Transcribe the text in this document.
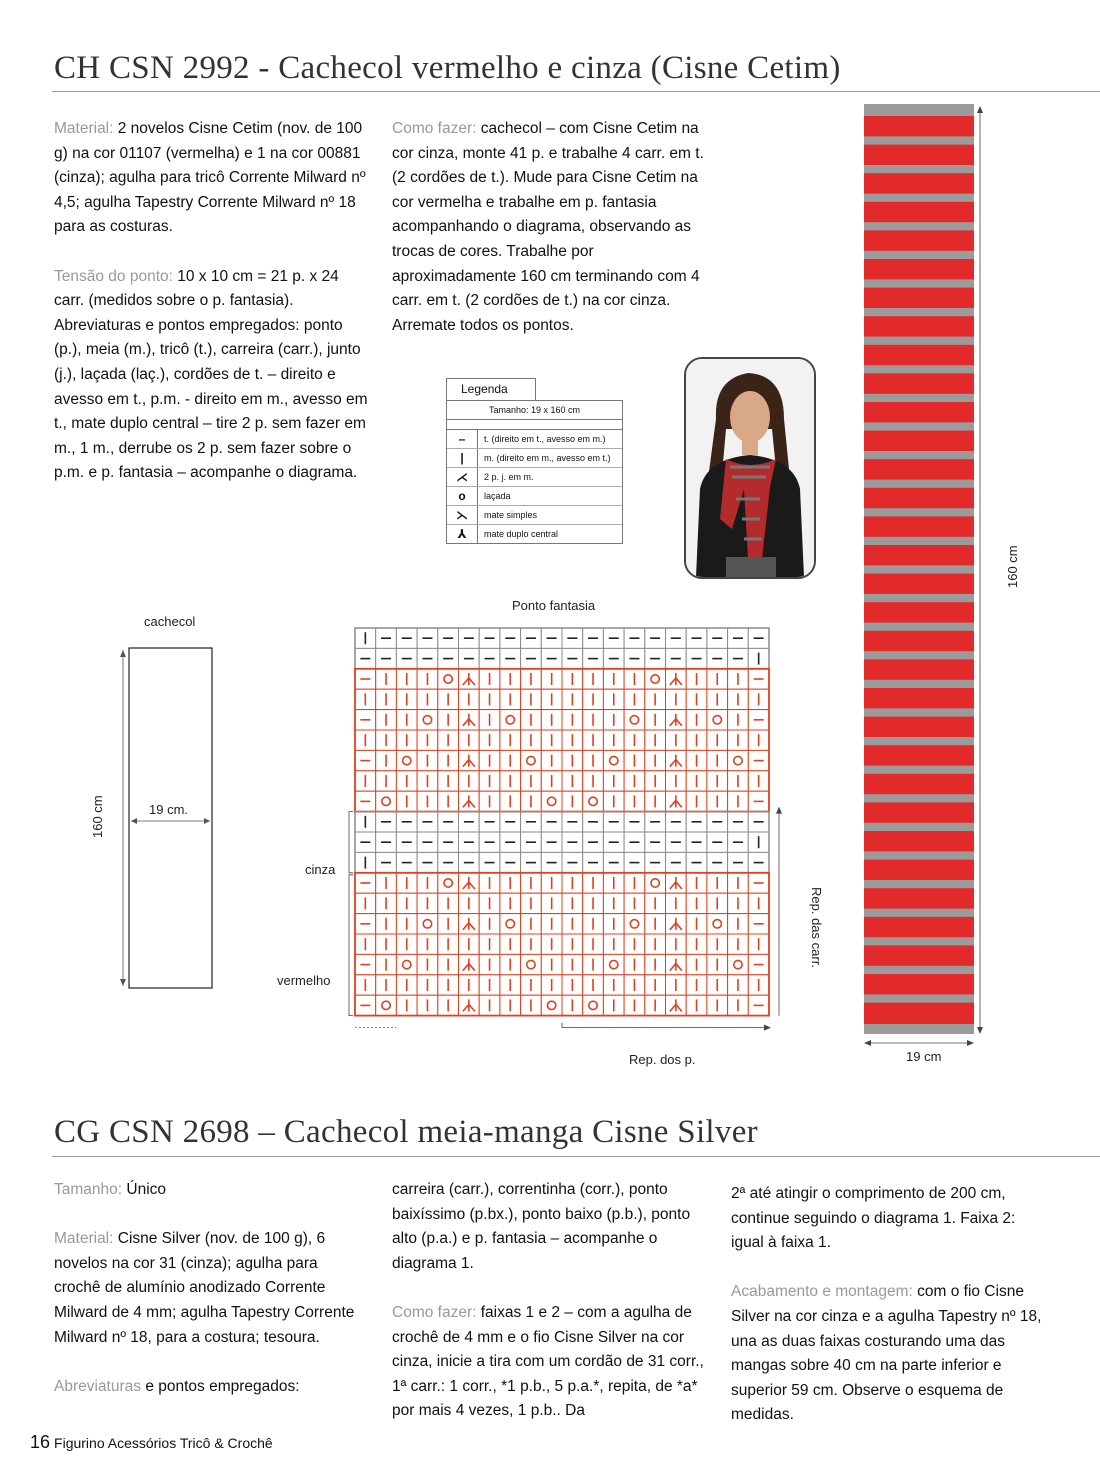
CH CSN 2992 - Cachecol vermelho e cinza (Cisne Cetim)

Material: 2 novelos Cisne Cetim (nov. de 100 g) na cor 01107 (vermelha) e 1 na cor 00881 (cinza); agulha para tricô Corrente Milward nº 4,5; agulha Tapestry Corrente Milward nº 18 para as costuras.

Tensão do ponto: 10 x 10 cm = 21 p. x 24 carr. (medidos sobre o p. fantasia). Abreviaturas e pontos empregados: ponto (p.), meia (m.), tricô (t.), carreira (carr.), junto (j.), laçada (laç.), cordões de t. – direito e avesso em t., p.m. - direito em m., avesso em t., mate duplo central – tire 2 p. sem fazer em m., 1 m., derrube os 2 p. sem fazer sobre o p.m. e p. fantasia – acompanhe o diagrama.

Como fazer: cachecol – com Cisne Cetim na cor cinza, monte 41 p. e trabalhe 4 carr. em t. (2 cordões de t.). Mude para Cisne Cetim na cor vermelha e trabalhe em p. fantasia acompanhando o diagrama, observando as trocas de cores. Trabalhe por aproximadamente 160 cm terminando com 4 carr. em t. (2 cordões de t.) na cor cinza. Arremate todos os pontos.

Legenda
Tamanho: 19 x 160 cm
–	t. (direito em t., avesso em m.)
|	m. (direito em m., avesso em t.)
⋌	2 p. j. em m.
o	laçada
⋋	mate simples
⅄	mate duplo central
cachecol
19 cm.
160 cm
Ponto fantasia
cinza
vermelho
Rep. das carr.
Rep. dos p.
160 cm
19 cm
CG CSN 2698 – Cachecol meia-manga Cisne Silver

Tamanho: Único

Material: Cisne Silver (nov. de 100 g), 6 novelos na cor 31 (cinza); agulha para crochê de alumínio anodizado Corrente Milward de 4 mm; agulha Tapestry Corrente Milward nº 18, para a costura; tesoura.

Abreviaturas e pontos empregados:

carreira (carr.), correntinha (corr.), ponto baixíssimo (p.bx.), ponto baixo (p.b.), ponto alto (p.a.) e p. fantasia – acompanhe o diagrama 1.

Como fazer: faixas 1 e 2 – com a agulha de crochê de 4 mm e o fio Cisne Silver na cor cinza, inicie a tira com um cordão de 31 corr., 1ª carr.: 1 corr., *1 p.b., 5 p.a.*, repita, de *a* por mais 4 vezes, 1 p.b.. Da

2ª até atingir o comprimento de 200 cm, continue seguindo o diagrama 1. Faixa 2: igual à faixa 1.

Acabamento e montagem: com o fio Cisne Silver na cor cinza e a agulha Tapestry nº 18, una as duas faixas costurando uma das mangas sobre 40 cm na parte inferior e superior 59 cm. Observe o esquema de medidas.

16 Figurino Acessórios Tricô & Crochê
